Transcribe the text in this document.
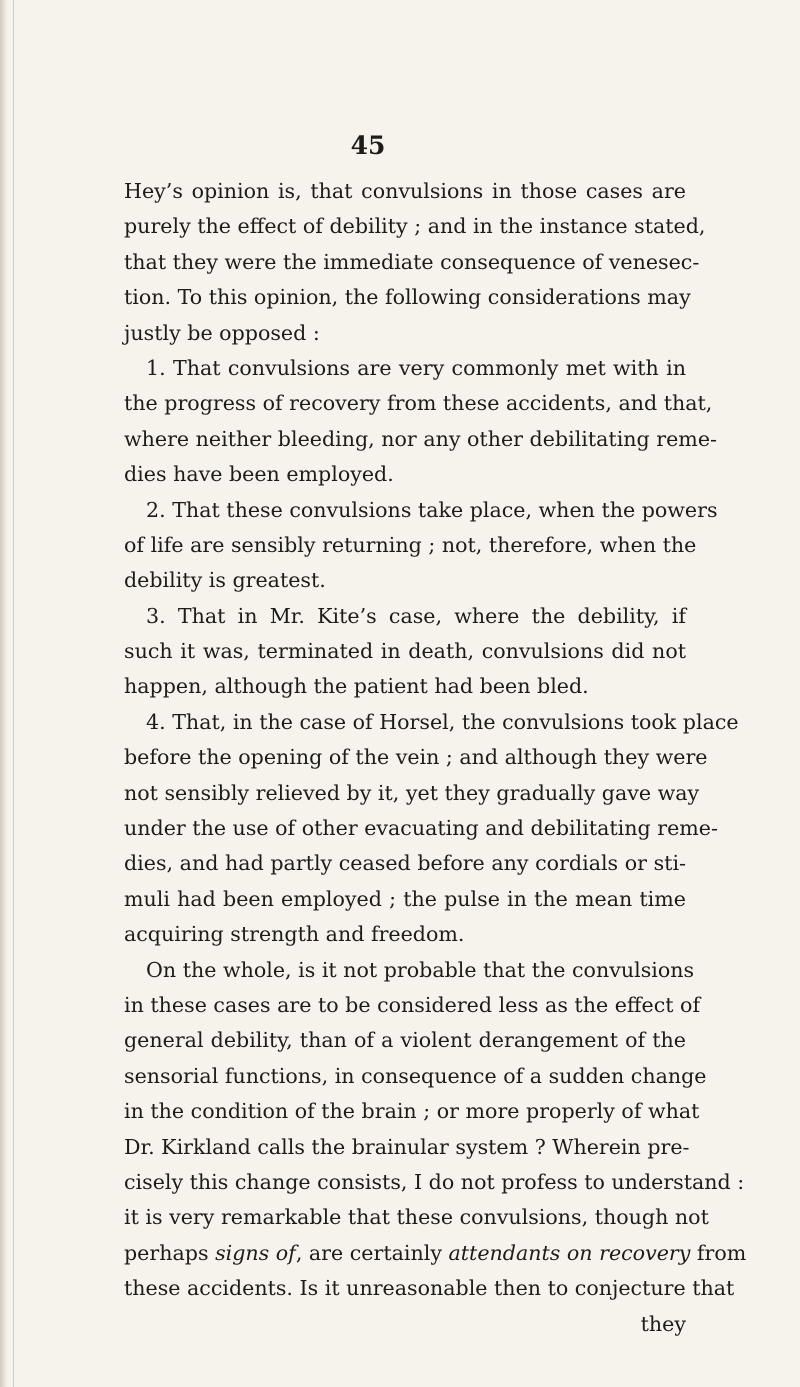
45
Hey’s opinion is, that convulsions in those cases are
purely the effect of debility ; and in the instance stated,
that they were the immediate consequence of venesec-
tion. To this opinion, the following considerations may
justly be opposed :
1. That convulsions are very commonly met with in
the progress of recovery from these accidents, and that,
where neither bleeding, nor any other debilitating reme-
dies have been employed.
2. That these convulsions take place, when the powers
of life are sensibly returning ; not, therefore, when the
debility is greatest.
3. That in Mr. Kite’s case, where the debility, if
such it was, terminated in death, convulsions did not
happen, although the patient had been bled.
4. That, in the case of Horsel, the convulsions took place
before the opening of the vein ; and although they were
not sensibly relieved by it, yet they gradually gave way
under the use of other evacuating and debilitating reme-
dies, and had partly ceased before any cordials or sti-
muli had been employed ; the pulse in the mean time
acquiring strength and freedom.
On the whole, is it not probable that the convulsions
in these cases are to be considered less as the effect of
general debility, than of a violent derangement of the
sensorial functions, in consequence of a sudden change
in the condition of the brain ; or more properly of what
Dr. Kirkland calls the brainular system ? Wherein pre-
cisely this change consists, I do not profess to understand :
it is very remarkable that these convulsions, though not
perhaps signs of, are certainly attendants on recovery from
these accidents. Is it unreasonable then to conjecture that
they
